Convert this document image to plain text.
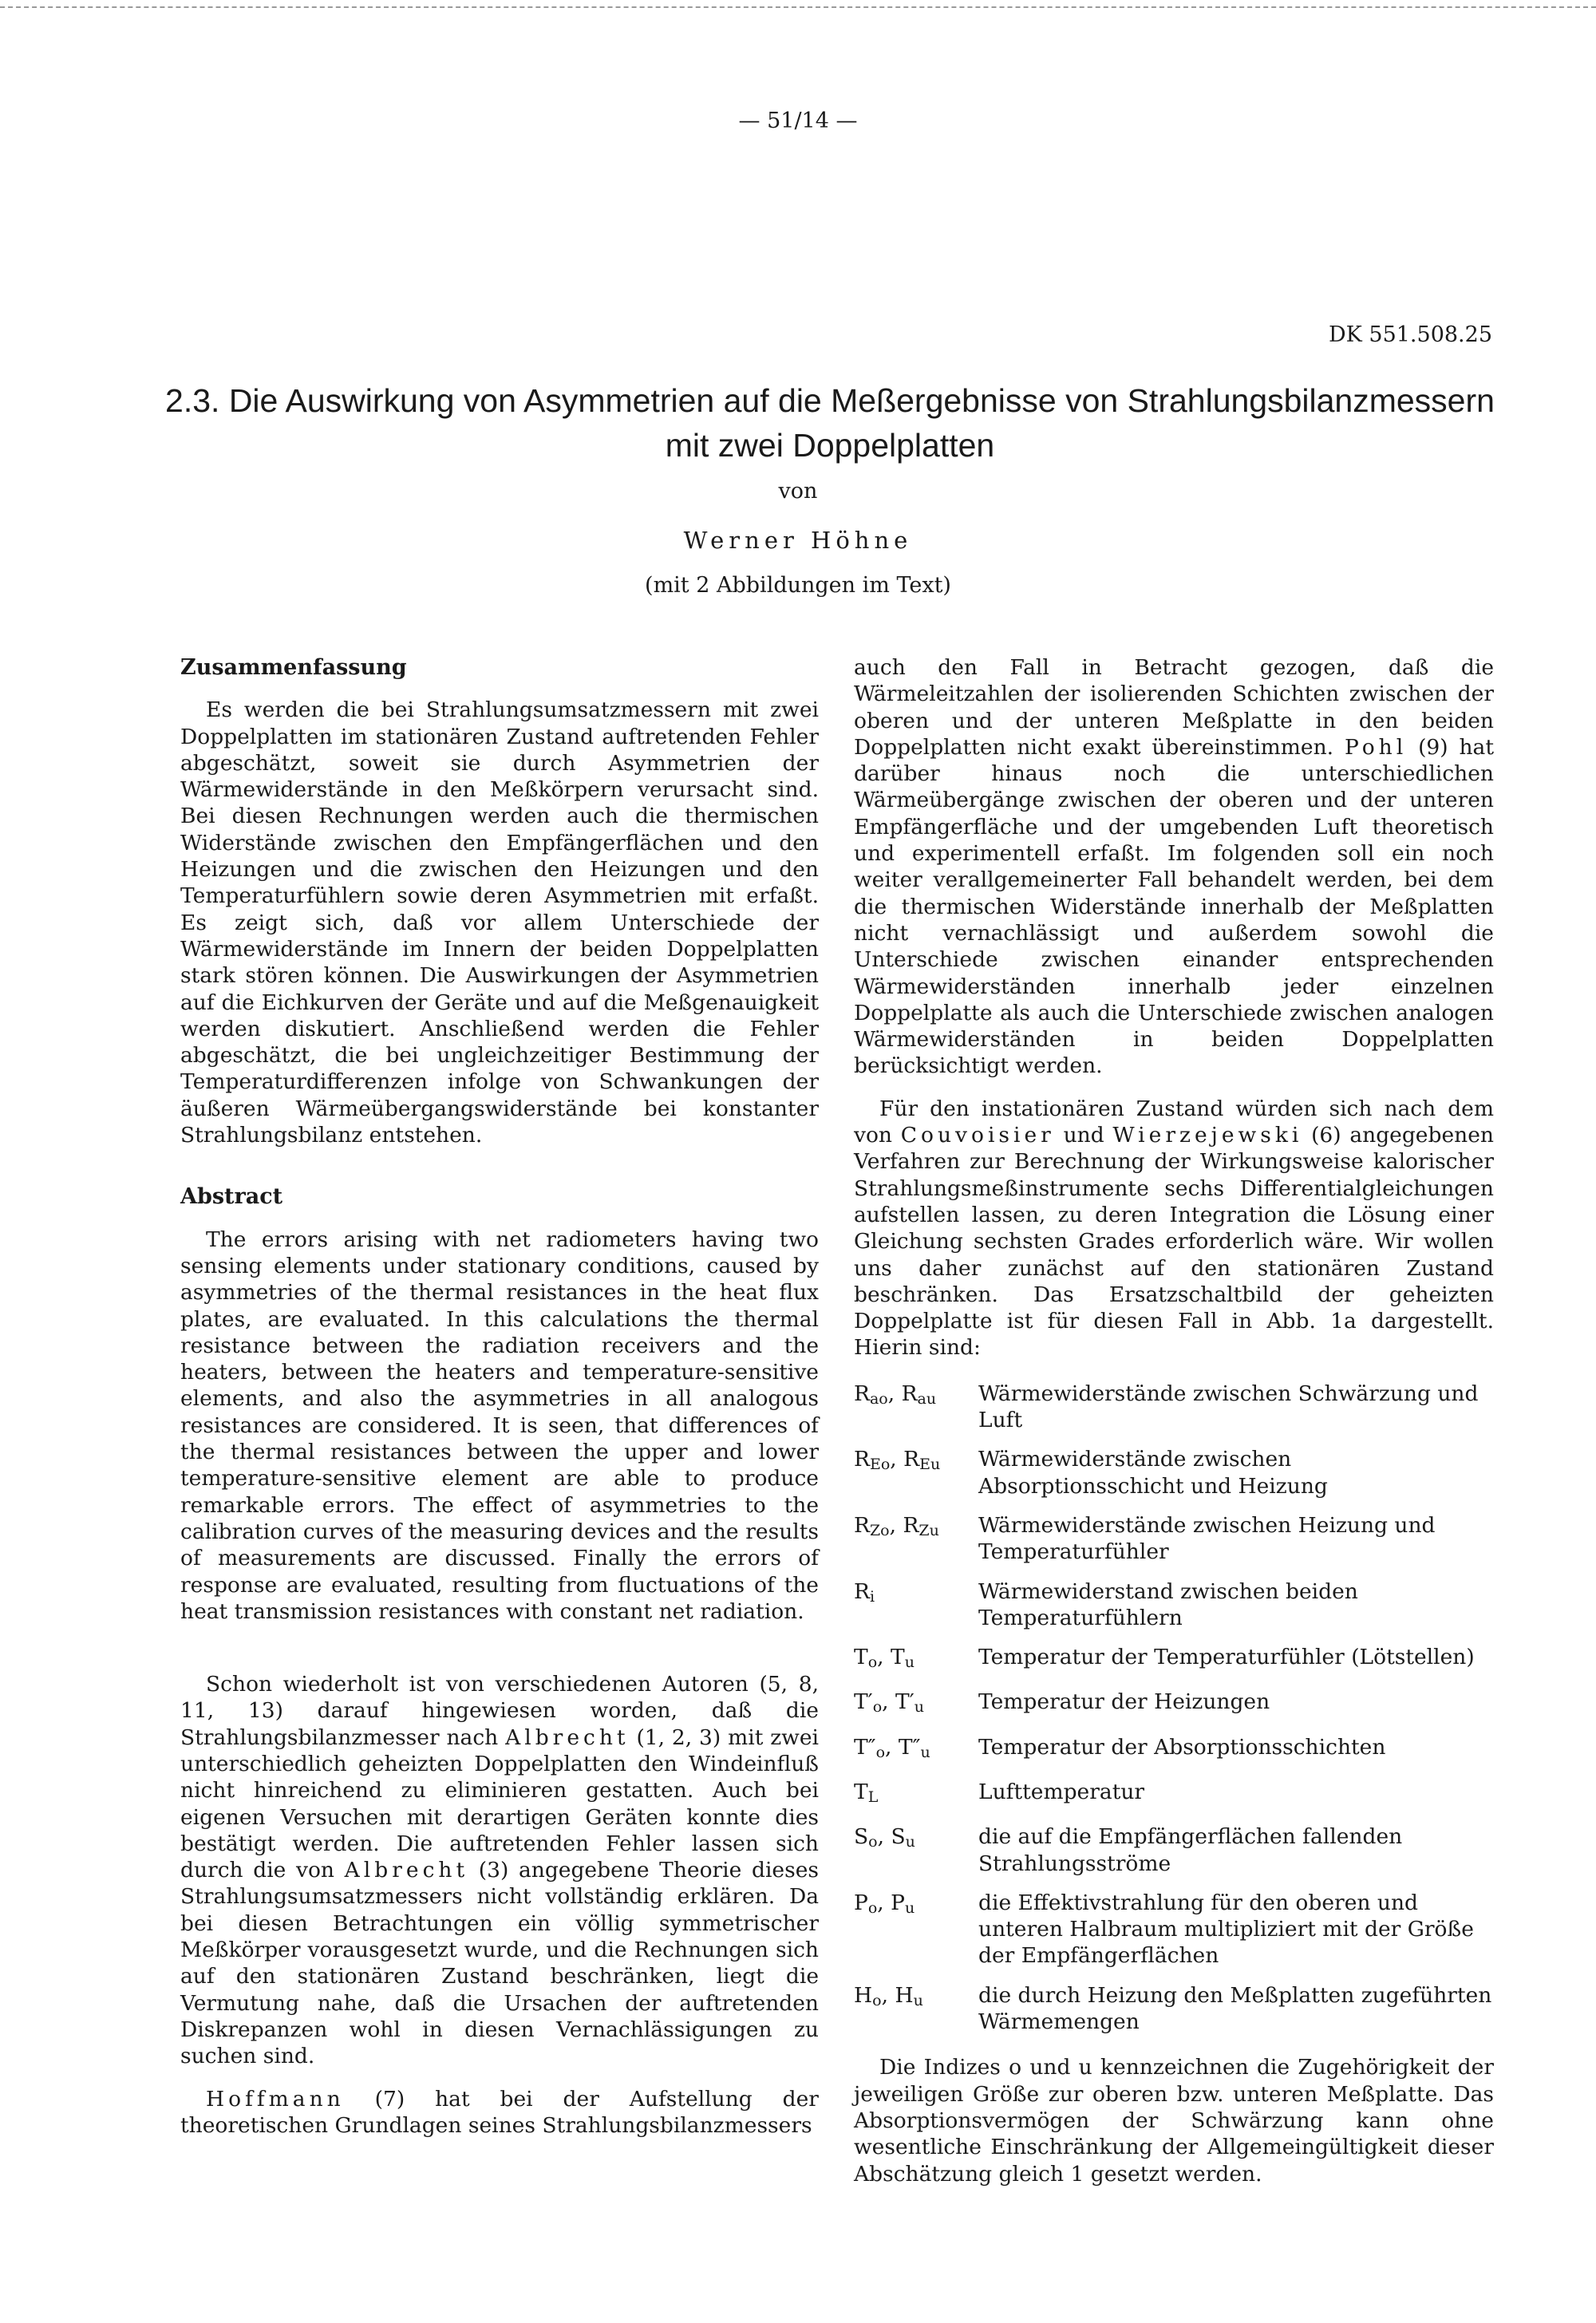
— 51/14 —
DK 551.508.25
2.3. Die Auswirkung von Asymmetrien auf die Meßergebnisse von Strahlungsbilanzmessern mit zwei Doppelplatten
von
Werner Höhne
(mit 2 Abbildungen im Text)
Zusammenfassung

Es werden die bei Strahlungsumsatzmessern mit zwei Doppelplatten im stationären Zustand auftretenden Fehler abgeschätzt, soweit sie durch Asymmetrien der Wärmewiderstände in den Meßkörpern verursacht sind. Bei diesen Rechnungen werden auch die thermischen Widerstände zwischen den Empfängerflächen und den Heizungen und die zwischen den Heizungen und den Temperaturfühlern sowie deren Asymmetrien mit erfaßt. Es zeigt sich, daß vor allem Unterschiede der Wärmewiderstände im Innern der beiden Doppelplatten stark stören können. Die Auswirkungen der Asymmetrien auf die Eichkurven der Geräte und auf die Meßgenauigkeit werden diskutiert. Anschließend werden die Fehler abgeschätzt, die bei ungleichzeitiger Bestimmung der Temperaturdifferenzen infolge von Schwankungen der äußeren Wärmeübergangswiderstände bei konstanter Strahlungsbilanz entstehen.

Abstract

The errors arising with net radiometers having two sensing elements under stationary conditions, caused by asymmetries of the thermal resistances in the heat flux plates, are evaluated. In this calculations the thermal resistance between the radiation receivers and the heaters, between the heaters and temperature-sensitive elements, and also the asymmetries in all analogous resistances are considered. It is seen, that differences of the thermal resistances between the upper and lower temperature-sensitive element are able to produce remarkable errors. The effect of asymmetries to the calibration curves of the measuring devices and the results of measurements are discussed. Finally the errors of response are evaluated, resulting from fluctuations of the heat transmission resistances with constant net radiation.

Schon wiederholt ist von verschiedenen Autoren (5, 8, 11, 13) darauf hingewiesen worden, daß die Strahlungsbilanzmesser nach Albrecht (1, 2, 3) mit zwei unterschiedlich geheizten Doppelplatten den Windeinfluß nicht hinreichend zu eliminieren gestatten. Auch bei eigenen Versuchen mit derartigen Geräten konnte dies bestätigt werden. Die auftretenden Fehler lassen sich durch die von Albrecht (3) angegebene Theorie dieses Strahlungsumsatzmessers nicht vollständig erklären. Da bei diesen Betrachtungen ein völlig symmetrischer Meßkörper vorausgesetzt wurde, und die Rechnungen sich auf den stationären Zustand beschränken, liegt die Vermutung nahe, daß die Ursachen der auftretenden Diskrepanzen wohl in diesen Vernachlässigungen zu suchen sind.

Hoffmann (7) hat bei der Aufstellung der theoretischen Grundlagen seines Strahlungsbilanzmessers

auch den Fall in Betracht gezogen, daß die Wärmeleitzahlen der isolierenden Schichten zwischen der oberen und der unteren Meßplatte in den beiden Doppelplatten nicht exakt übereinstimmen. Pohl (9) hat darüber hinaus noch die unterschiedlichen Wärmeübergänge zwischen der oberen und der unteren Empfängerfläche und der umgebenden Luft theoretisch und experimentell erfaßt. Im folgenden soll ein noch weiter verallgemeinerter Fall behandelt werden, bei dem die thermischen Widerstände innerhalb der Meßplatten nicht vernachlässigt und außerdem sowohl die Unterschiede zwischen einander entsprechenden Wärmewiderständen innerhalb jeder einzelnen Doppelplatte als auch die Unterschiede zwischen analogen Wärmewiderständen in beiden Doppelplatten berücksichtigt werden.

Für den instationären Zustand würden sich nach dem von Couvoisier und Wierzejewski (6) angegebenen Verfahren zur Berechnung der Wirkungsweise kalorischer Strahlungsmeßinstrumente sechs Differentialgleichungen aufstellen lassen, zu deren Integration die Lösung einer Gleichung sechsten Grades erforderlich wäre. Wir wollen uns daher zunächst auf den stationären Zustand beschränken. Das Ersatzschaltbild der geheizten Doppelplatte ist für diesen Fall in Abb. 1a dargestellt. Hierin sind:

$R_{ao}$, $R_{au}$	Wärmewiderstände zwischen Schwärzung und Luft
$R_{Eo}$, $R_{Eu}$	Wärmewiderstände zwischen Absorptionsschicht und Heizung
$R_{Zo}$, $R_{Zu}$	Wärmewiderstände zwischen Heizung und Temperaturfühler
$R_i$	Wärmewiderstand zwischen beiden Temperaturfühlern
$T_o$, $T_u$	Temperatur der Temperaturfühler (Lötstellen)
$T'_o$, $T'_u$	Temperatur der Heizungen
$T''_o$, $T''_u$	Temperatur der Absorptionsschichten
$T_L$	Lufttemperatur
$S_o$, $S_u$	die auf die Empfängerflächen fallenden Strahlungsströme
$P_o$, $P_u$	die Effektivstrahlung für den oberen und unteren Halbraum multipliziert mit der Größe der Empfängerflächen
$H_o$, $H_u$	die durch Heizung den Meßplatten zugeführten Wärmemengen

Die Indizes o und u kennzeichnen die Zugehörigkeit der jeweiligen Größe zur oberen bzw. unteren Meßplatte. Das Absorptionsvermögen der Schwärzung kann ohne wesentliche Einschränkung der Allgemeingültigkeit dieser Abschätzung gleich 1 gesetzt werden.
